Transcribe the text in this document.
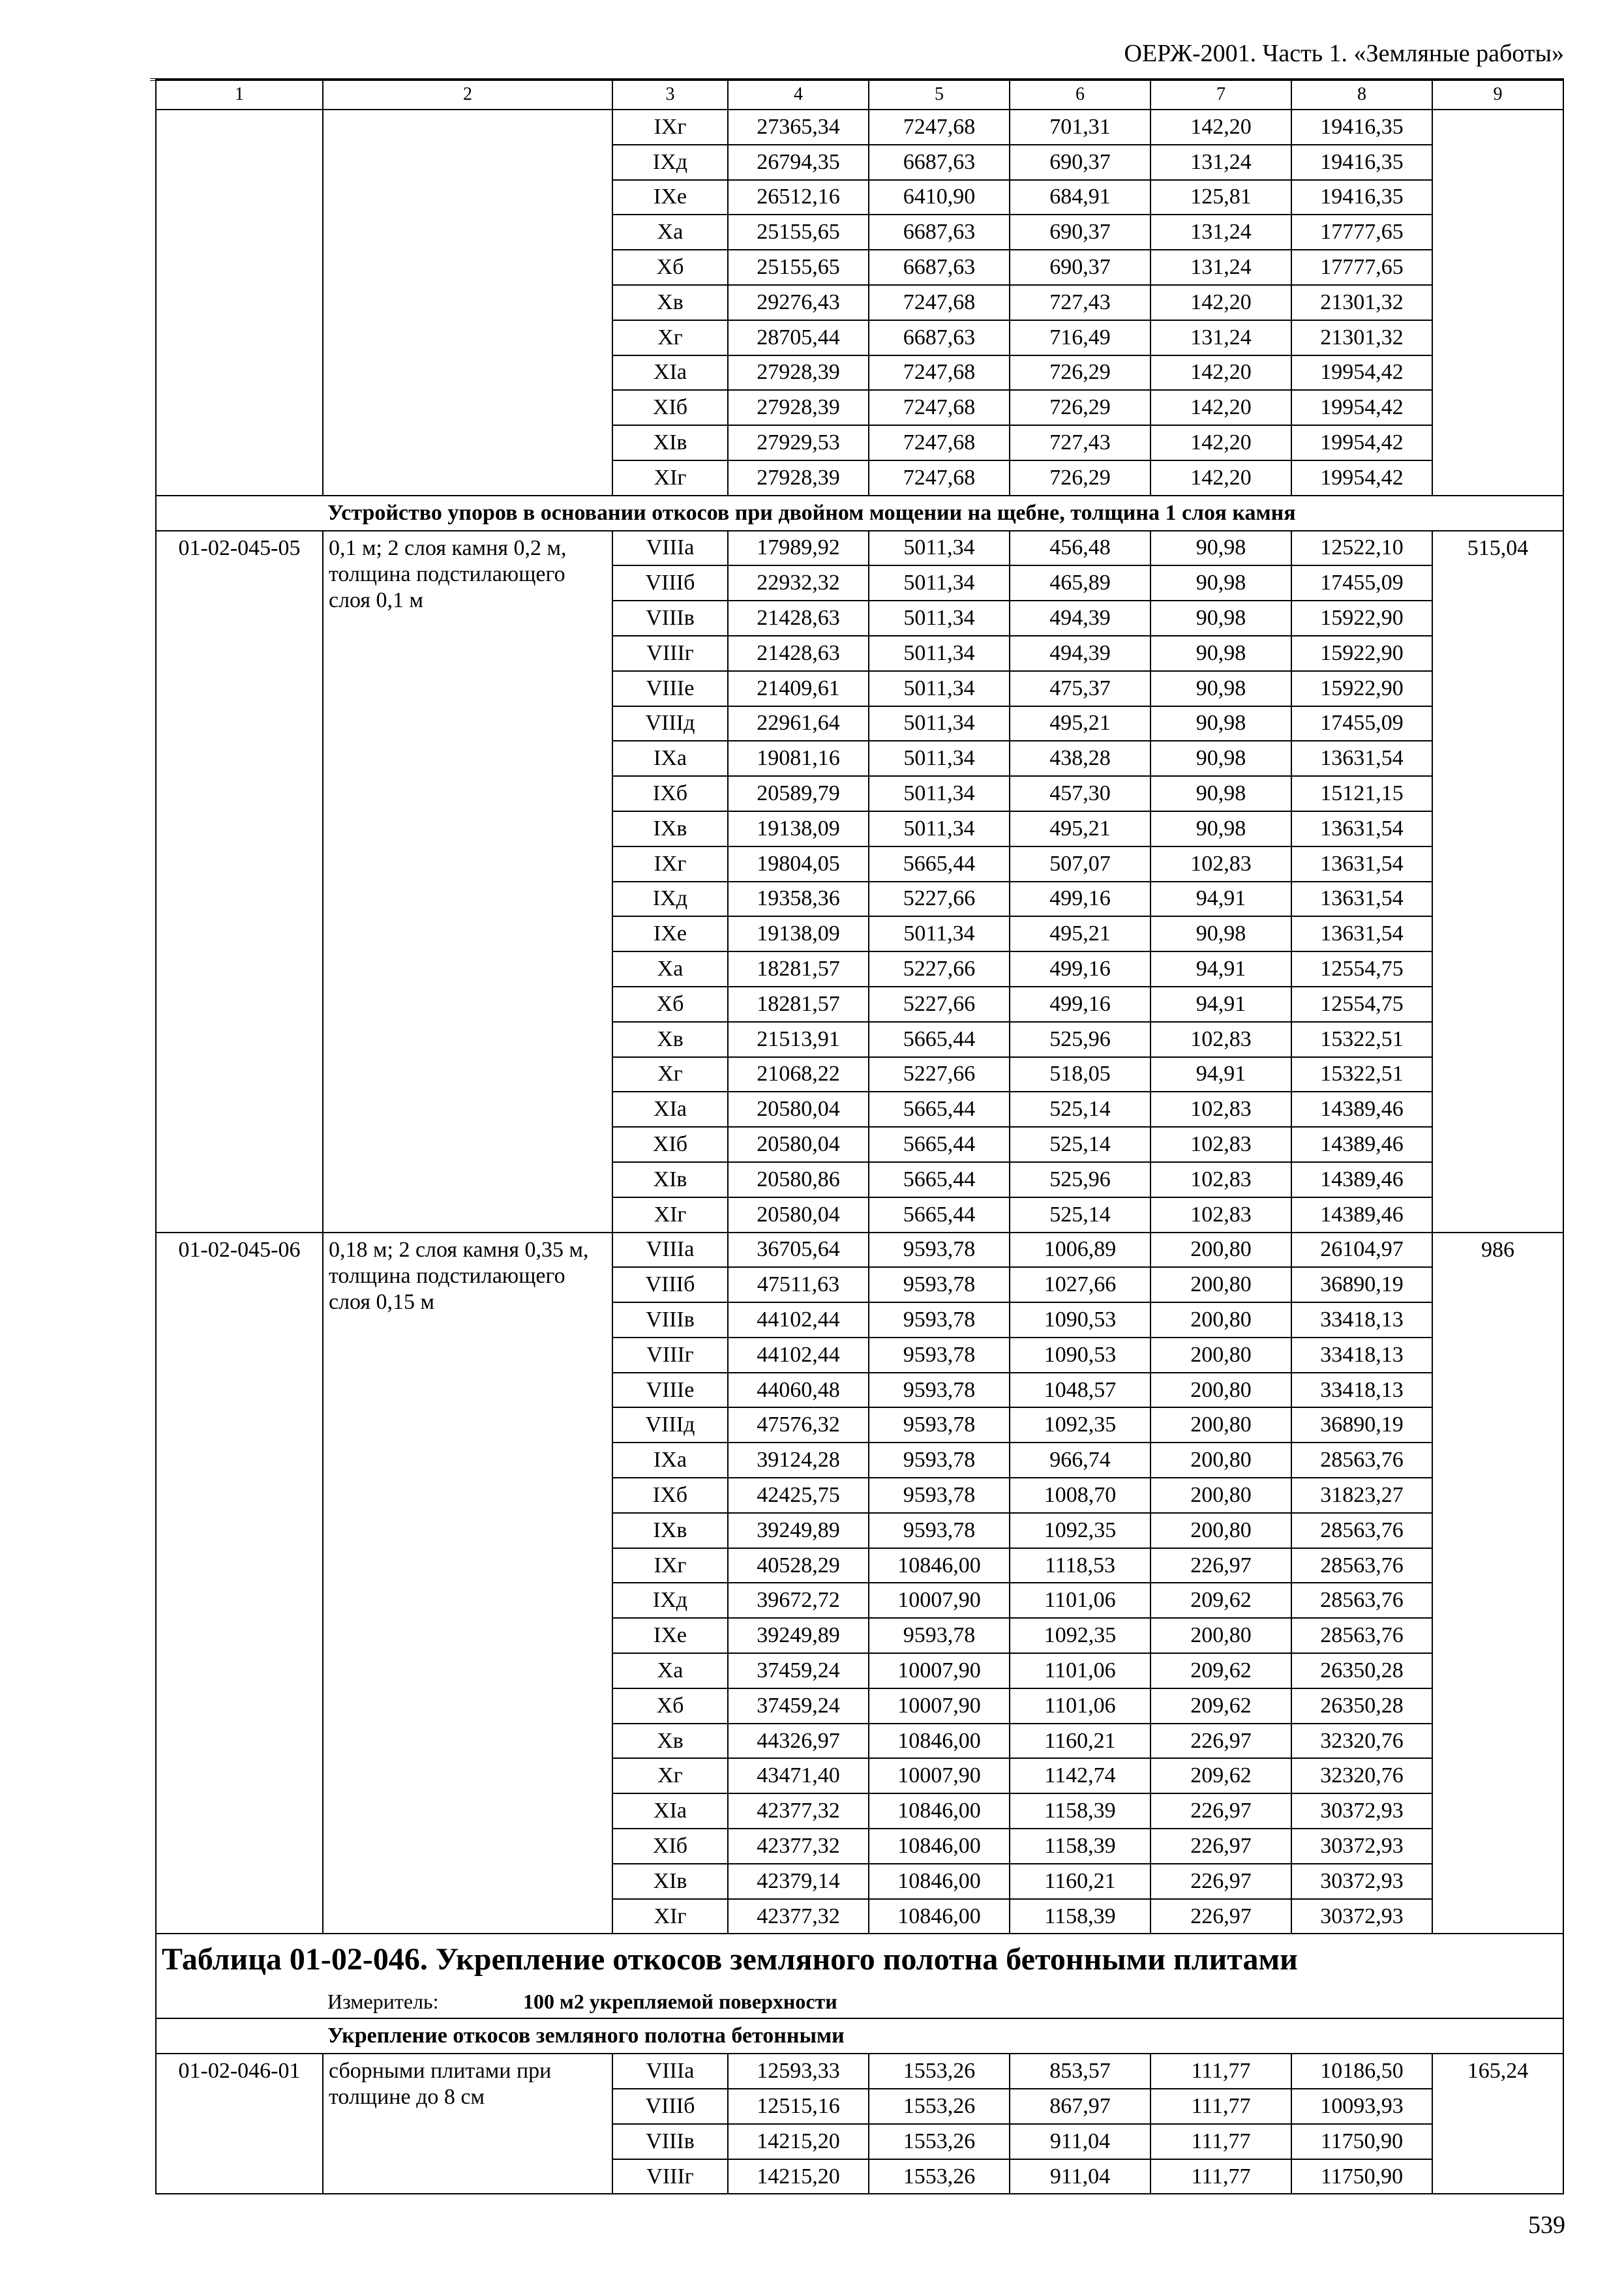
ОЕРЖ-2001. Часть 1. «Земляные работы»
1	2	3	4	5	6	7	8	9
		IXг	27365,34	7247,68	701,31	142,20	19416,35	
		IXд	26794,35	6687,63	690,37	131,24	19416,35	
		IXе	26512,16	6410,90	684,91	125,81	19416,35	
		Xа	25155,65	6687,63	690,37	131,24	17777,65	
		Xб	25155,65	6687,63	690,37	131,24	17777,65	
		Xв	29276,43	7247,68	727,43	142,20	21301,32	
		Xг	28705,44	6687,63	716,49	131,24	21301,32	
		XIа	27928,39	7247,68	726,29	142,20	19954,42	
		XIб	27928,39	7247,68	726,29	142,20	19954,42	
		XIв	27929,53	7247,68	727,43	142,20	19954,42	
		XIг	27928,39	7247,68	726,29	142,20	19954,42	
Устройство упоров в основании откосов при двойном мощении на щебне, толщина 1 слоя камня								
01-02-045-05	0,1 м; 2 слоя камня 0,2 м, толщина подстилающего слоя 0,1 м	VIIIа	17989,92	5011,34	456,48	90,98	12522,10	515,04
		VIIIб	22932,32	5011,34	465,89	90,98	17455,09	
		VIIIв	21428,63	5011,34	494,39	90,98	15922,90	
		VIIIг	21428,63	5011,34	494,39	90,98	15922,90	
		VIIIе	21409,61	5011,34	475,37	90,98	15922,90	
		VIIIд	22961,64	5011,34	495,21	90,98	17455,09	
		IXа	19081,16	5011,34	438,28	90,98	13631,54	
		IXб	20589,79	5011,34	457,30	90,98	15121,15	
		IXв	19138,09	5011,34	495,21	90,98	13631,54	
		IXг	19804,05	5665,44	507,07	102,83	13631,54	
		IXд	19358,36	5227,66	499,16	94,91	13631,54	
		IXе	19138,09	5011,34	495,21	90,98	13631,54	
		Xа	18281,57	5227,66	499,16	94,91	12554,75	
		Xб	18281,57	5227,66	499,16	94,91	12554,75	
		Xв	21513,91	5665,44	525,96	102,83	15322,51	
		Xг	21068,22	5227,66	518,05	94,91	15322,51	
		XIа	20580,04	5665,44	525,14	102,83	14389,46	
		XIб	20580,04	5665,44	525,14	102,83	14389,46	
		XIв	20580,86	5665,44	525,96	102,83	14389,46	
		XIг	20580,04	5665,44	525,14	102,83	14389,46	
01-02-045-06	0,18 м; 2 слоя камня 0,35 м, толщина подстилающего слоя 0,15 м	VIIIа	36705,64	9593,78	1006,89	200,80	26104,97	986
		VIIIб	47511,63	9593,78	1027,66	200,80	36890,19	
		VIIIв	44102,44	9593,78	1090,53	200,80	33418,13	
		VIIIг	44102,44	9593,78	1090,53	200,80	33418,13	
		VIIIе	44060,48	9593,78	1048,57	200,80	33418,13	
		VIIIд	47576,32	9593,78	1092,35	200,80	36890,19	
		IXа	39124,28	9593,78	966,74	200,80	28563,76	
		IXб	42425,75	9593,78	1008,70	200,80	31823,27	
		IXв	39249,89	9593,78	1092,35	200,80	28563,76	
		IXг	40528,29	10846,00	1118,53	226,97	28563,76	
		IXд	39672,72	10007,90	1101,06	209,62	28563,76	
		IXе	39249,89	9593,78	1092,35	200,80	28563,76	
		Xа	37459,24	10007,90	1101,06	209,62	26350,28	
		Xб	37459,24	10007,90	1101,06	209,62	26350,28	
		Xв	44326,97	10846,00	1160,21	226,97	32320,76	
		Xг	43471,40	10007,90	1142,74	209,62	32320,76	
		XIа	42377,32	10846,00	1158,39	226,97	30372,93	
		XIб	42377,32	10846,00	1158,39	226,97	30372,93	
		XIв	42379,14	10846,00	1160,21	226,97	30372,93	
		XIг	42377,32	10846,00	1158,39	226,97	30372,93	
Таблица 01-02-046. Укрепление откосов земляного полотна бетонными плитами								
Измеритель: 100 м2 укрепляемой поверхности								
Укрепление откосов земляного полотна бетонными								
01-02-046-01	сборными плитами при толщине до 8 см	VIIIа	12593,33	1553,26	853,57	111,77	10186,50	165,24
		VIIIб	12515,16	1553,26	867,97	111,77	10093,93	
		VIIIв	14215,20	1553,26	911,04	111,77	11750,90	
		VIIIг	14215,20	1553,26	911,04	111,77	11750,90	
539
